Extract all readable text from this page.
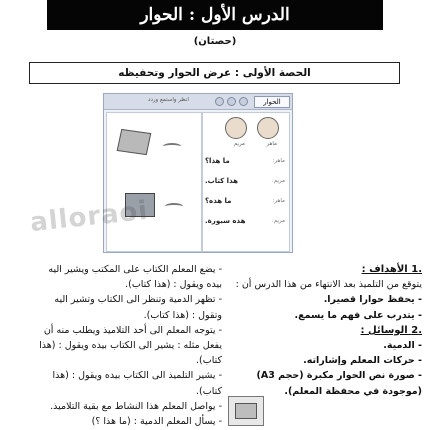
الدرس الأول : الحوار
(حصتان)
الحصة الأولى : عرض الحوار وتحفيظه
الحوار
انظر واستمع وردد
ماهر
مريم
ماهر:
ما هذا؟
مريم:
هذا كتاب.
ماهر:
ما هذه؟
مريم:
هذه سبورة.
alloraoi
.1 الأهداف :
يتوقع من التلميذ بعد الانتهاء من هذا الدرس أن :
- يحفظ حوارا قصيرا.
- يتدرب على فهم ما يسمع.
.2 الوسائل :
- الدمية.
- حركات المعلم وإشاراته.
- صورة نص الحوار مكبرة (حجم A3)
(موجودة في محفظة المعلم).
- يضع المعلم الكتاب على المكتب ويشير اليه
بيده ويقول : (هذا كتاب).
- تظهر الدمية وتنظر الى الكتاب وتشير اليه
وتقول : (هذا كتاب).
- يتوجه المعلم الى أحد التلاميذ ويطلب منه أن
يفعل مثله : يشير الى الكتاب بيده ويقول : (هذا
كتاب).
- يشير التلميذ الى الكتاب بيده ويقول : (هذا
كتاب).
- يواصل المعلم هذا النشاط مع بقية التلاميذ.
- يسأل المعلم الدمية : (ما هذا ؟)
